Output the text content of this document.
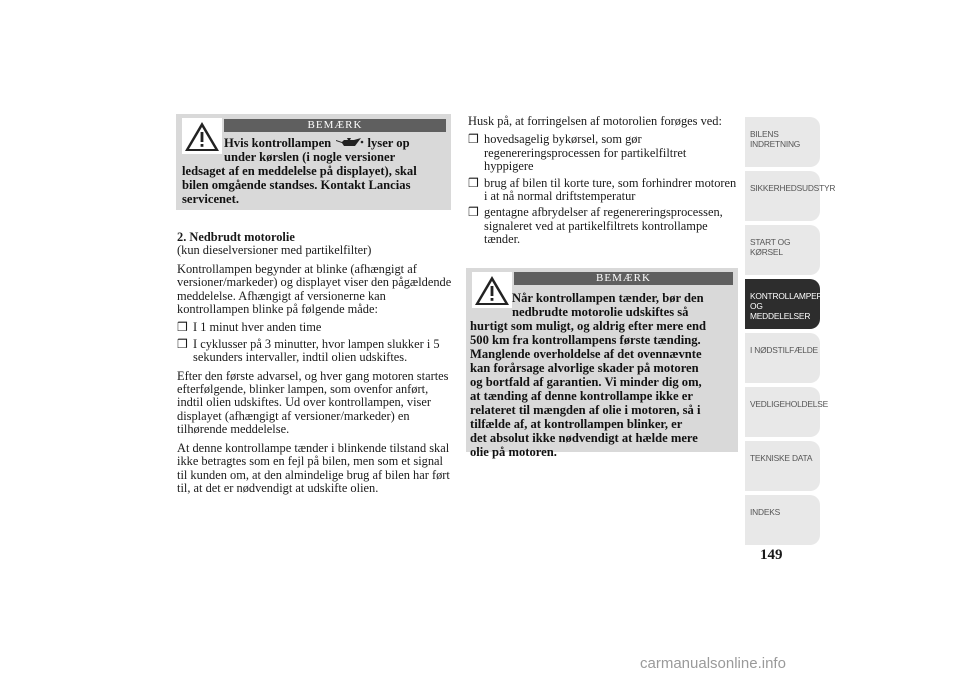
BEMÆRK

Hvis kontrollampen	lyser op

under kørslen (i nogle versioner

ledsaget af en meddelelse på displayet), skal

bilen omgående standses. Kontakt Lancias

servicenet.

2. Nedbrudt motorolie

(kun dieselversioner med partikelfilter)

Kontrollampen begynder at blinke (afhængigt af versioner/markeder) og displayet viser den pågældende meddelelse. Afhængigt af versionerne kan kontrollampen blinke på følgende måde:

❒ I 1 minut hver anden time
❒ I cyklusser på 3 minutter, hvor lampen slukker i 5 sekunders intervaller, indtil olien udskiftes.

Efter den første advarsel, og hver gang motoren startes efterfølgende, blinker lampen, som ovenfor anført, indtil olien udskiftes. Ud over kontrollampen, viser displayet (afhængigt af versioner/markeder) en tilhørende meddelelse.

At denne kontrollampe tænder i blinkende tilstand skal ikke betragtes som en fejl på bilen, men som et signal til kunden om, at den almindelige brug af bilen har ført til, at det er nødvendigt at udskifte olien.

Husk på, at forringelsen af motorolien forøges ved:

❒ hovedsagelig bykørsel, som gør regenereringsprocessen for partikelfiltret hyppigere
❒ brug af bilen til korte ture, som forhindrer motoren i at nå normal driftstemperatur
❒ gentagne afbrydelser af regenereringsprocessen, signaleret ved at partikelfiltrets kontrollampe tænder.
BEMÆRK

Når kontrollampen tænder, bør den

nedbrudte motorolie udskiftes så

hurtigt som muligt, og aldrig efter mere end

500 km fra kontrollampens første tænding.

Manglende overholdelse af det ovennævnte

kan forårsage alvorlige skader på motoren

og bortfald af garantien. Vi minder dig om,

at tænding af denne kontrollampe ikke er

relateret til mængden af olie i motoren, så i

tilfælde af, at kontrollampen blinker, er

det absolut ikke nødvendigt at hælde mere

olie på motoren.

BILENS INDRETNING
SIKKERHEDSUDSTYR
START OG KØRSEL
KONTROLLAMPER OG MEDDELELSER
I NØDSTILFÆLDE
VEDLIGEHOLDELSE
TEKNISKE DATA
INDEKS
149
carmanualsonline.info
